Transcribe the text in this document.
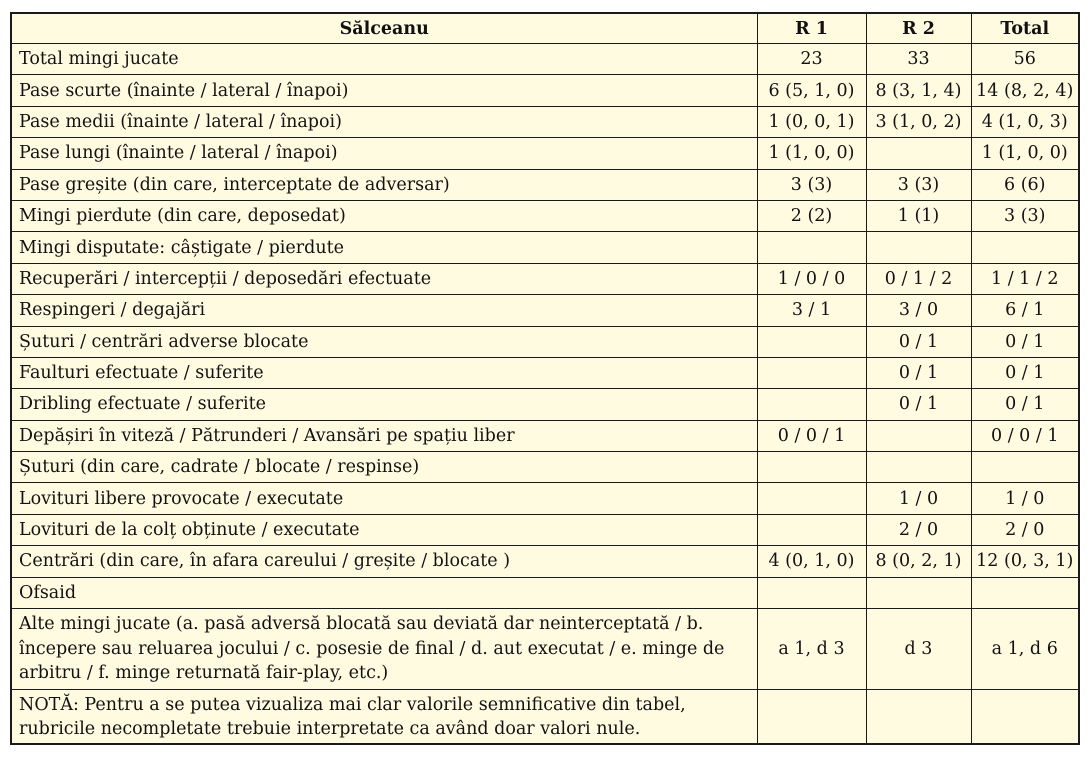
Sălceanu	R 1	R 2	Total
Total mingi jucate	23	33	56
Pase scurte (înainte / lateral / înapoi)	6 (5, 1, 0)	8 (3, 1, 4)	14 (8, 2, 4)
Pase medii (înainte / lateral / înapoi)	1 (0, 0, 1)	3 (1, 0, 2)	4 (1, 0, 3)
Pase lungi (înainte / lateral / înapoi)	1 (1, 0, 0)		1 (1, 0, 0)
Pase greșite (din care, interceptate de adversar)	3 (3)	3 (3)	6 (6)
Mingi pierdute (din care, deposedat)	2 (2)	1 (1)	3 (3)
Mingi disputate: câștigate / pierdute			
Recuperări / intercepții / deposedări efectuate	1 / 0 / 0	0 / 1 / 2	1 / 1 / 2
Respingeri / degajări	3 / 1	3 / 0	6 / 1
Șuturi / centrări adverse blocate		0 / 1	0 / 1
Faulturi efectuate / suferite		0 / 1	0 / 1
Dribling efectuate / suferite		0 / 1	0 / 1
Depășiri în viteză / Pătrunderi / Avansări pe spațiu liber	0 / 0 / 1		0 / 0 / 1
Șuturi (din care, cadrate / blocate / respinse)			
Lovituri libere provocate / executate		1 / 0	1 / 0
Lovituri de la colț obținute / executate		2 / 0	2 / 0
Centrări (din care, în afara careului / greșite / blocate )	4 (0, 1, 0)	8 (0, 2, 1)	12 (0, 3, 1)
Ofsaid			
Alte mingi jucate (a. pasă adversă blocată sau deviată dar neinterceptată / b. începere sau reluarea jocului / c. posesie de final / d. aut executat / e. minge de arbitru / f. minge returnată fair-play, etc.)	a 1, d 3	d 3	a 1, d 6
NOTĂ: Pentru a se putea vizualiza mai clar valorile semnificative din tabel, rubricile necompletate trebuie interpretate ca având doar valori nule.			
